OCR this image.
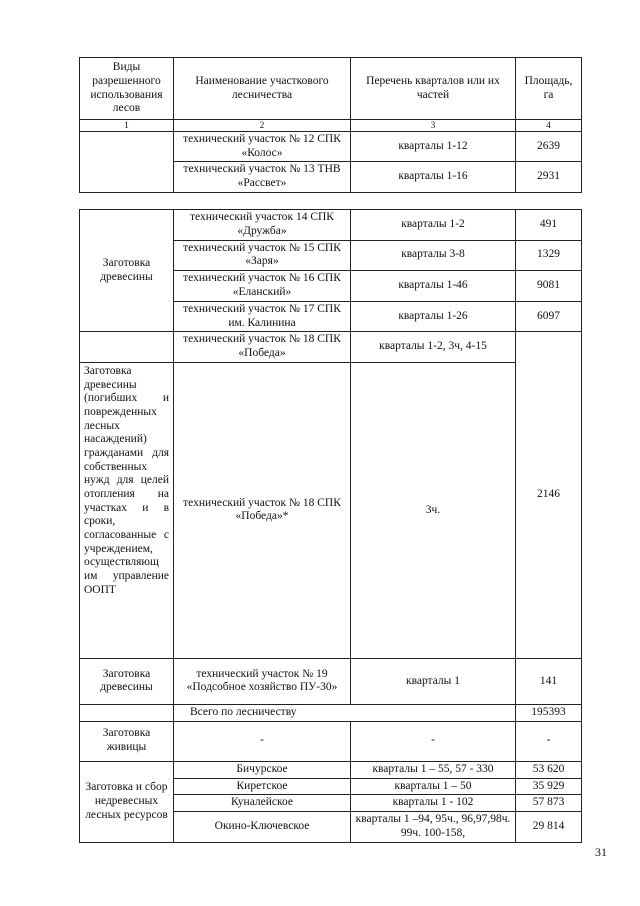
Виды разрешенного использования лесов	Наименование участкового лесничества	Перечень кварталов или их частей	Площадь, га
1	2	3	4
	технический участок № 12 СПК «Колос»	кварталы 1-12	2639
	технический участок № 13 ТНВ «Рассвет»	кварталы 1-16	2931
Заготовка древесины	технический участок 14 СПК «Дружба»	кварталы 1-2	491
	технический участок № 15 СПК «Заря»	кварталы 3-8	1329
	технический участок № 16 СПК «Еланский»	кварталы 1-46	9081
	технический участок № 17 СПК им. Калинина	кварталы 1-26	6097
	технический участок № 18 СПК «Победа»	кварталы 1-2, 3ч, 4-15	2146
Заготовка древесины (погибших и поврежденных лесных насаждений) гражданами для собственных нужд для целей отопления на участках и в сроки, согласованные с учреждением, осуществляющ им управление ООПТ	технический участок № 18 СПК «Победа»*	3ч.	
Заготовка древесины	технический участок № 19 «Подсобное хозяйство ПУ-30»	кварталы 1	141
	Всего по лесничеству		195393
Заготовка живицы	-	-	-
Заготовка и сбор недревесных лесных ресурсов	Бичурское	кварталы 1 – 55, 57 - 330	53 620
	Киретское	кварталы 1 – 50	35 929
	Куналейское	кварталы 1 - 102	57 873
	Окино-Ключевское	кварталы 1 –94, 95ч., 96,97,98ч. 99ч. 100-158,	29 814
31
